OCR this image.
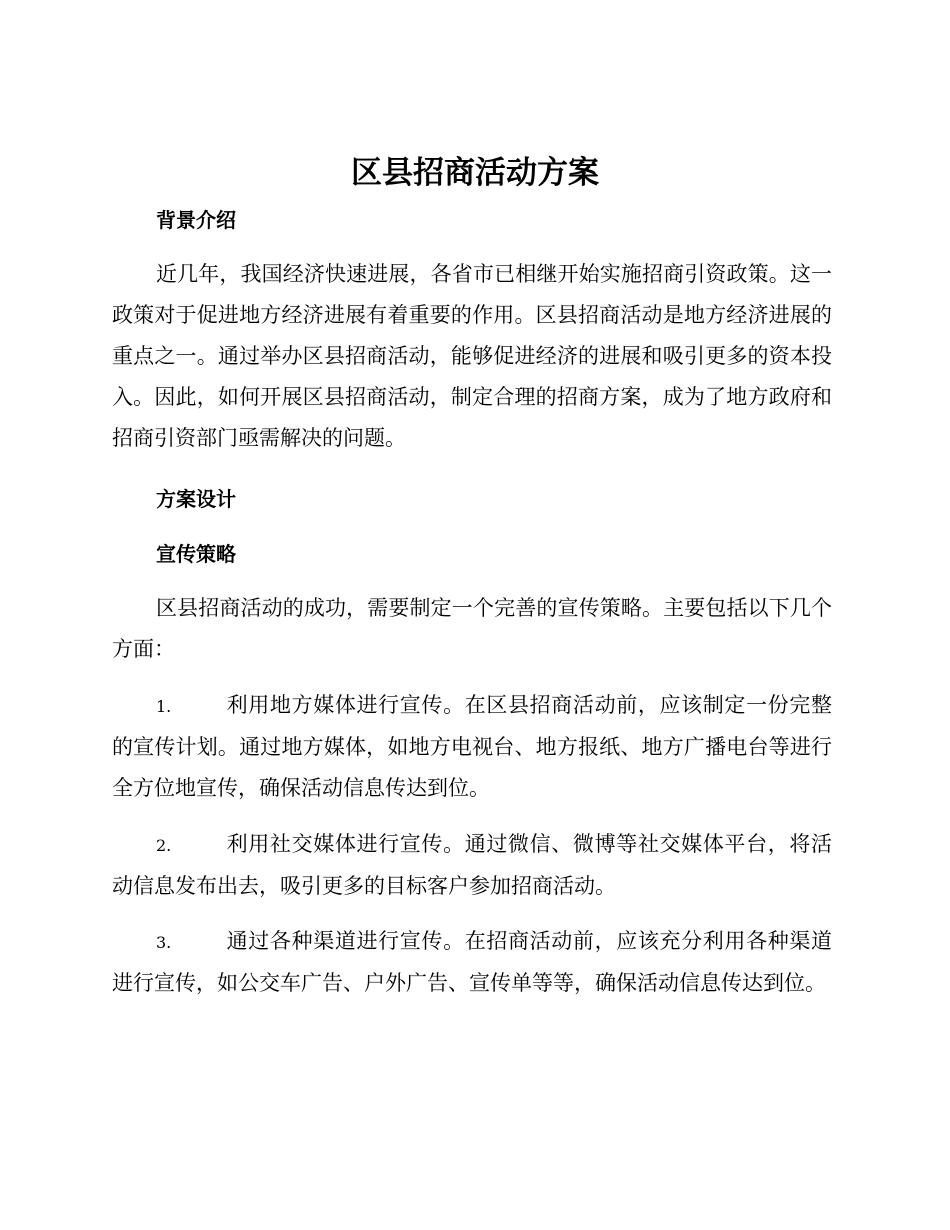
区县招商活动方案
背景介绍
近几年，我国经济快速进展，各省市已相继开始实施招商引资政策。这一政策对于促进地方经济进展有着重要的作用。区县招商活动是地方经济进展的重点之一。通过举办区县招商活动，能够促进经济的进展和吸引更多的资本投入。因此，如何开展区县招商活动，制定合理的招商方案，成为了地方政府和招商引资部门亟需解决的问题。
方案设计
宣传策略
区县招商活动的成功，需要制定一个完善的宣传策略。主要包括以下几个方面：
1.	利用地方媒体进行宣传。在区县招商活动前，应该制定一份完整的宣传计划。通过地方媒体，如地方电视台、地方报纸、地方广播电台等进行全方位地宣传，确保活动信息传达到位。
2.	利用社交媒体进行宣传。通过微信、微博等社交媒体平台，将活动信息发布出去，吸引更多的目标客户参加招商活动。
3.	通过各种渠道进行宣传。在招商活动前，应该充分利用各种渠道进行宣传，如公交车广告、户外广告、宣传单等等，确保活动信息传达到位。
